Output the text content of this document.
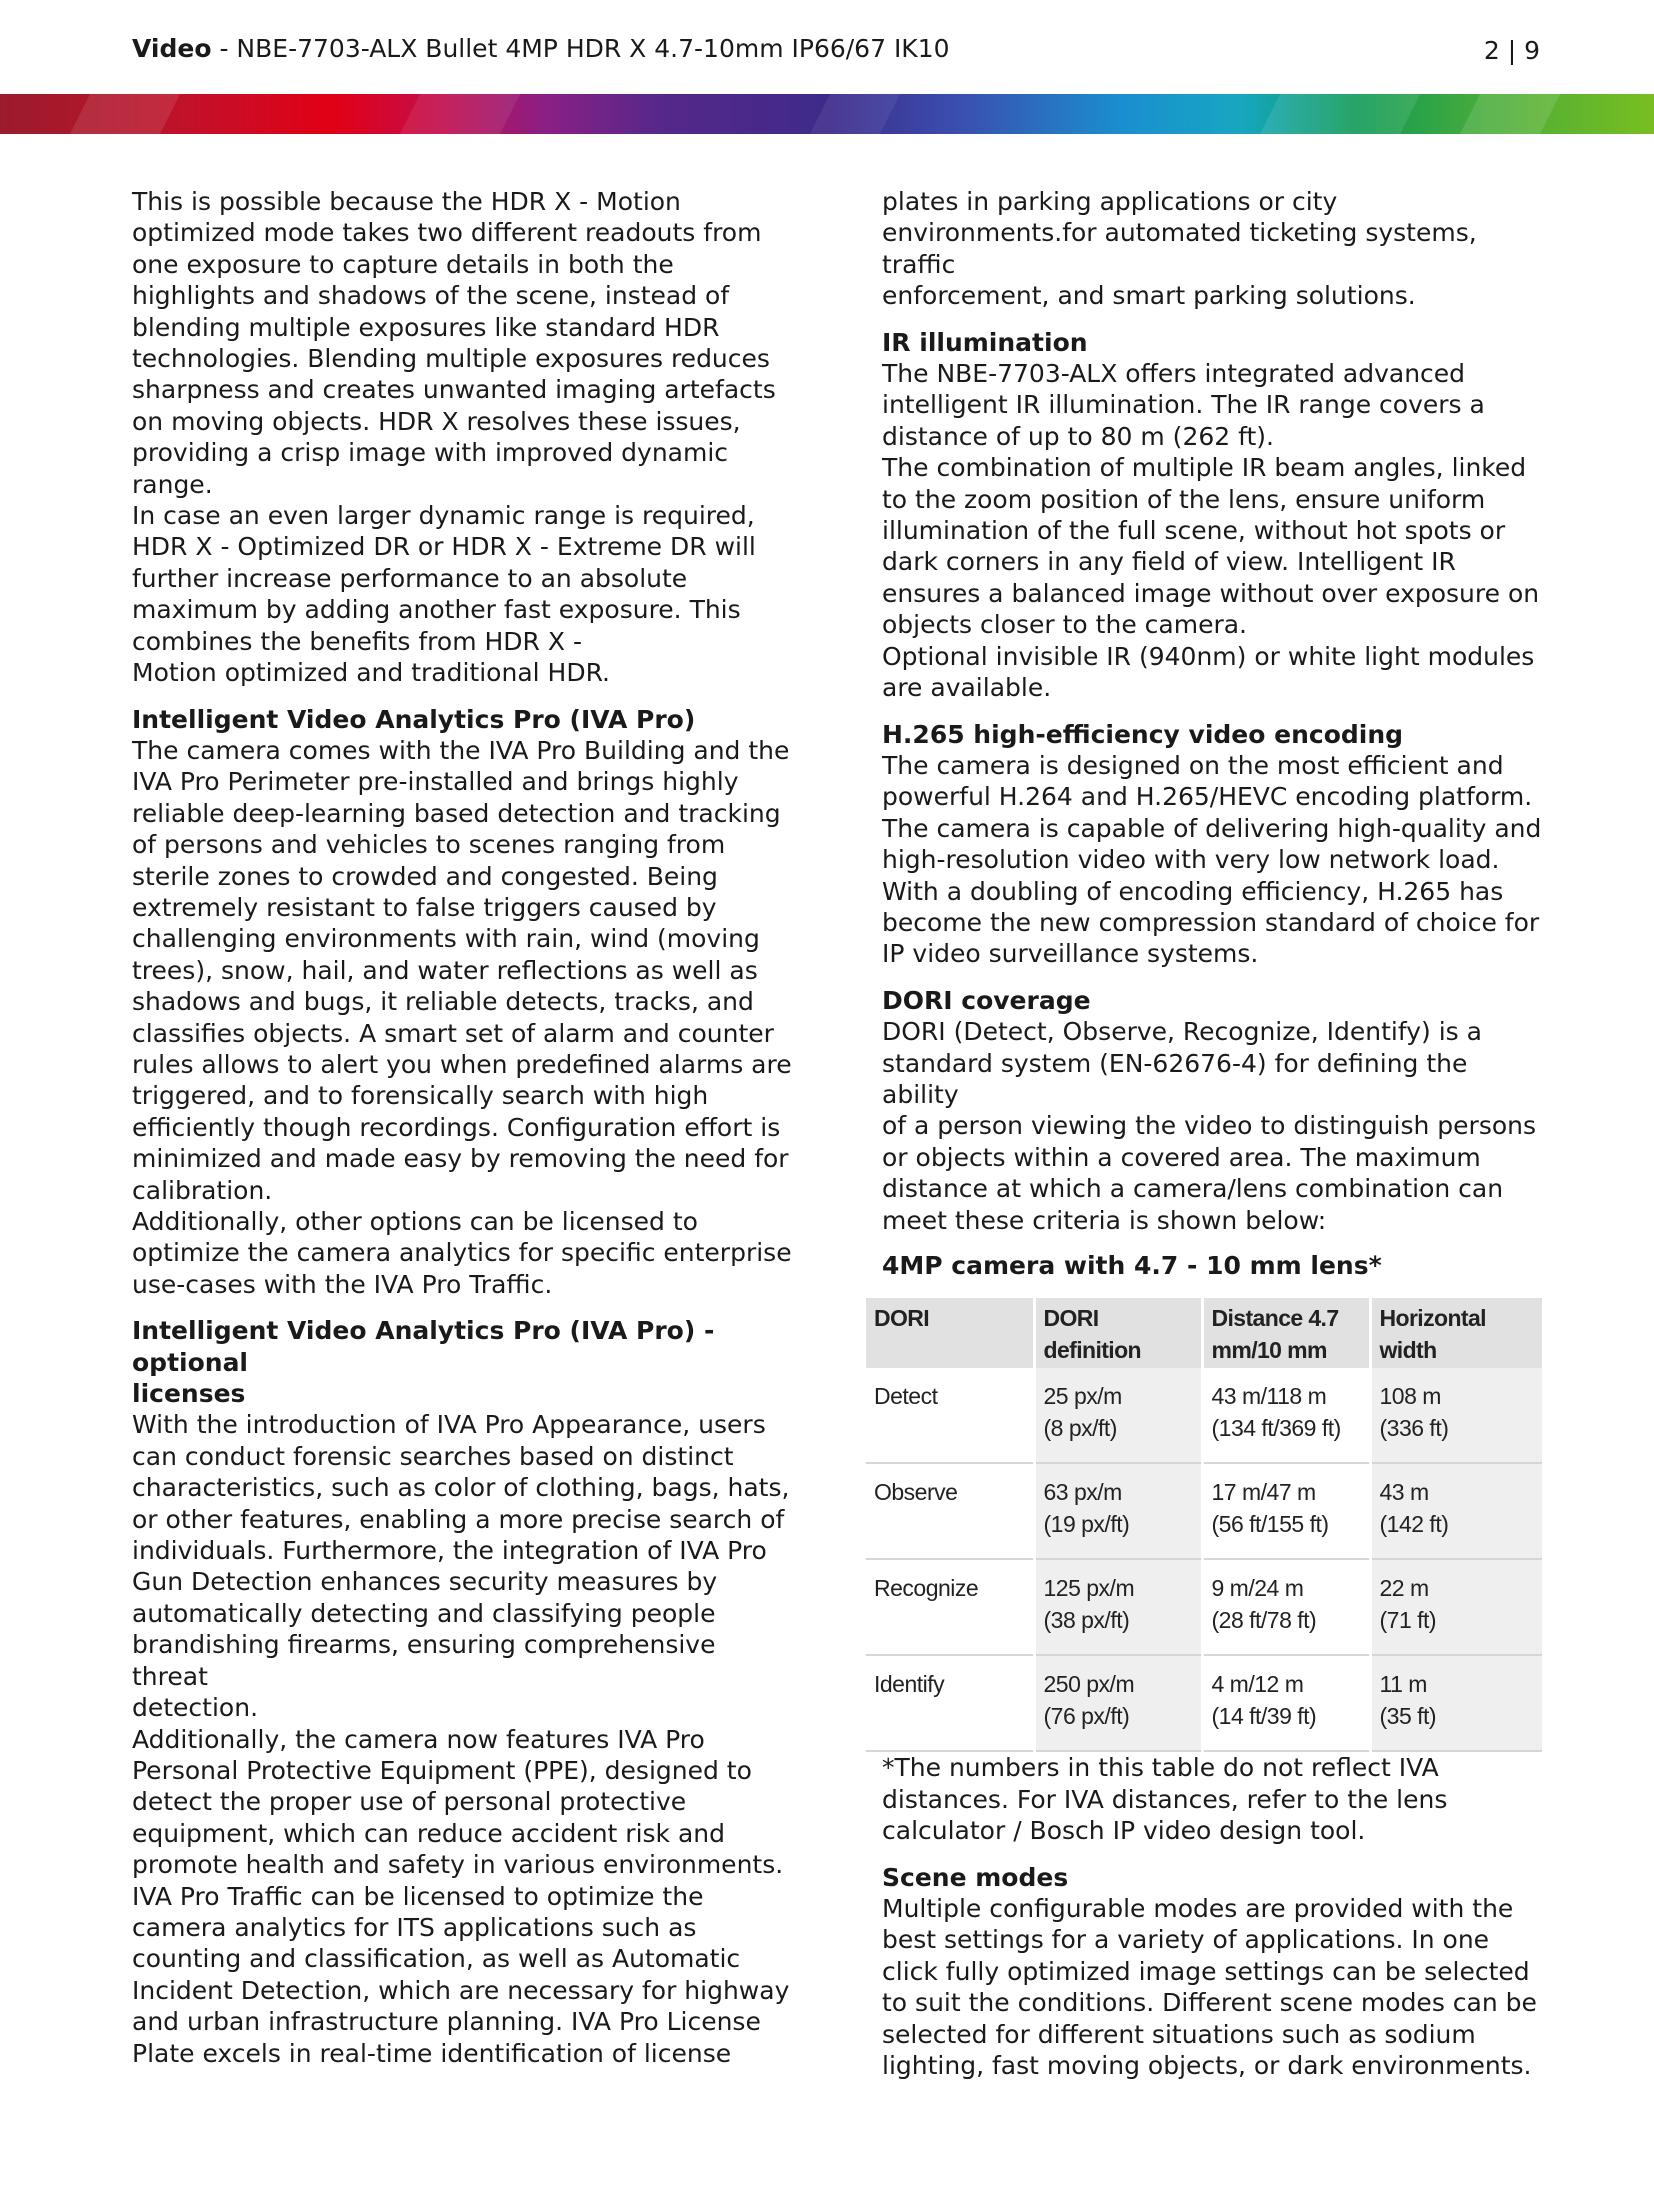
Video - NBE-7703-ALX Bullet 4MP HDR X 4.7-10mm IP66/67 IK10	2 | 9

This is possible because the HDR X - Motion
optimized mode takes two different readouts from
one exposure to capture details in both the
highlights and shadows of the scene, instead of
blending multiple exposures like standard HDR
technologies. Blending multiple exposures reduces
sharpness and creates unwanted imaging artefacts
on moving objects. HDR X resolves these issues,
providing a crisp image with improved dynamic
range.
In case an even larger dynamic range is required,
HDR X - Optimized DR or HDR X - Extreme DR will
further increase performance to an absolute
maximum by adding another fast exposure. This
combines the benefits from HDR X -
Motion optimized and traditional HDR.

Intelligent Video Analytics Pro (IVA Pro)

The camera comes with the IVA Pro Building and the
IVA Pro Perimeter pre-installed and brings highly
reliable deep-learning based detection and tracking
of persons and vehicles to scenes ranging from
sterile zones to crowded and congested. Being
extremely resistant to false triggers caused by
challenging environments with rain, wind (moving
trees), snow, hail, and water reflections as well as
shadows and bugs, it reliable detects, tracks, and
classifies objects. A smart set of alarm and counter
rules allows to alert you when predefined alarms are
triggered, and to forensically search with high
efficiently though recordings. Configuration effort is
minimized and made easy by removing the need for
calibration.
Additionally, other options can be licensed to
optimize the camera analytics for specific enterprise
use-cases with the IVA Pro Traffic.

Intelligent Video Analytics Pro (IVA Pro) - optional
licenses

With the introduction of IVA Pro Appearance, users
can conduct forensic searches based on distinct
characteristics, such as color of clothing, bags, hats,
or other features, enabling a more precise search of
individuals. Furthermore, the integration of IVA Pro
Gun Detection enhances security measures by
automatically detecting and classifying people
brandishing firearms, ensuring comprehensive threat
detection.
Additionally, the camera now features IVA Pro
Personal Protective Equipment (PPE), designed to
detect the proper use of personal protective
equipment, which can reduce accident risk and
promote health and safety in various environments.
IVA Pro Traffic can be licensed to optimize the
camera analytics for ITS applications such as
counting and classification, as well as Automatic
Incident Detection, which are necessary for highway
and urban infrastructure planning. IVA Pro License
Plate excels in real-time identification of license

plates in parking applications or city
environments.for automated ticketing systems, traffic
enforcement, and smart parking solutions.

IR illumination

The NBE-7703-ALX offers integrated advanced
intelligent IR illumination. The IR range covers a
distance of up to 80 m (262 ft).
The combination of multiple IR beam angles, linked
to the zoom position of the lens, ensure uniform
illumination of the full scene, without hot spots or
dark corners in any field of view. Intelligent IR
ensures a balanced image without over exposure on
objects closer to the camera.
Optional invisible IR (940nm) or white light modules
are available.

H.265 high-efficiency video encoding

The camera is designed on the most efficient and
powerful H.264 and H.265/HEVC encoding platform.
The camera is capable of delivering high-quality and
high-resolution video with very low network load.
With a doubling of encoding efficiency, H.265 has
become the new compression standard of choice for
IP video surveillance systems.

DORI coverage

DORI (Detect, Observe, Recognize, Identify) is a
standard system (EN-62676-4) for defining the ability
of a person viewing the video to distinguish persons
or objects within a covered area. The maximum
distance at which a camera/lens combination can
meet these criteria is shown below:

4MP camera with 4.7 - 10 mm lens*
DORI	DORI definition	Distance 4.7 mm/10 mm	Horizontal width
Detect	25 px/m
(8 px/ft)	43 m/118 m
(134 ft/369 ft)	108 m
(336 ft)
Observe	63 px/m
(19 px/ft)	17 m/47 m
(56 ft/155 ft)	43 m
(142 ft)
Recognize	125 px/m
(38 px/ft)	9 m/24 m
(28 ft/78 ft)	22 m
(71 ft)
Identify	250 px/m
(76 px/ft)	4 m/12 m
(14 ft/39 ft)	11 m
(35 ft)

*The numbers in this table do not reflect IVA
distances. For IVA distances, refer to the lens
calculator / Bosch IP video design tool.

Scene modes

Multiple configurable modes are provided with the
best settings for a variety of applications. In one
click fully optimized image settings can be selected
to suit the conditions. Different scene modes can be
selected for different situations such as sodium
lighting, fast moving objects, or dark environments.
